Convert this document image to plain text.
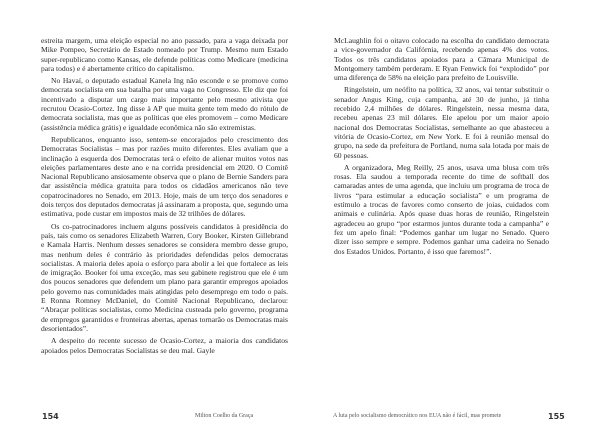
estreita margem, uma eleição especial no ano passado, para a vaga deixada por Mike Pompeo, Secretário de Estado nomeado por Trump. Mesmo num Estado super-republicano como Kansas, ele defende políticas como Medicare (medicina para todos) e é abertamente crítico do capitalismo.

No Havaí, o deputado estadual Kanela Ing não esconde e se promove como democrata socialista em sua batalha por uma vaga no Congresso. Ele diz que foi incentivado a disputar um cargo mais importante pelo mesmo ativista que recrutou Ocasio-Cortez. Ing disse à AP que muita gente tem medo do rótulo de democrata socialista, mas que as políticas que eles promovem – como Medicare (assistência médica grátis) e igualdade econômica não são extremistas.

Republicanos, enquanto isso, sentem-se encorajados pelo crescimento dos Democratas Socialistas – mas por razões muito diferentes. Eles avaliam que a inclinação à esquerda dos Democratas terá o efeito de alienar muitos votos nas eleições parlamentares deste ano e na corrida presidencial em 2020. O Comitê Nacional Republicano ansiosamente observa que o plano de Bernie Sanders para dar assistência médica gratuita para todos os cidadãos americanos não teve copatrocinadores no Senado, em 2013. Hoje, mais de um terço dos senadores e dois terços dos deputados democratas já assinaram a proposta, que, segundo uma estimativa, pode custar em impostos mais de 32 trilhões de dólares.

Os co-patrocinadores incluem alguns possíveis candidatos à presidência do país, tais como os senadores Elizabeth Warren, Cory Booker, Kirsten Gillebrand e Kamala Harris. Nenhum desses senadores se considera membro desse grupo, mas nenhum deles é contrário às prioridades defendidas pelos democratas socialistas. A maioria deles apoia o esforço para abolir a lei que fortalece as leis de imigração. Booker foi uma exceção, mas seu gabinete registrou que ele é um dos poucos senadores que defendem um plano para garantir empregos apoiados pelo governo nas comunidades mais atingidas pelo desemprego em todo o país. E Ronna Romney McDaniel, do Comitê Nacional Republicano, declarou: “Abraçar políticas socialistas, como Medicina custeada pelo governo, programa de empregos garantidos e fronteiras abertas, apenas tornarão os Democratas mais desorientados”.

A despeito do recente sucesso de Ocasio-Cortez, a maioria dos candidatos apoiados pelos Democratas Socialistas se deu mal. Gayle

154	Milton Coelho da Graça

McLaughlin foi o oitavo colocado na escolha do candidato democrata a vice-governador da Califórnia, recebendo apenas 4% dos votos. Todos os três candidatos apoiados para a Câmara Municipal de Montgomery também perderam. E Ryan Fenwick foi “explodido” por uma diferença de 58% na eleição para prefeito de Louisville.

Ringelstein, um neófito na política, 32 anos, vai tentar substituir o senador Angus King, cuja campanha, até 30 de junho, já tinha recebido 2,4 milhões de dólares. Ringelstein, nessa mesma data, recebeu apenas 23 mil dólares. Ele apelou por um maior apoio nacional dos Democratas Socialistas, semelhante ao que abasteceu a vitória de Ocasio-Cortez, em New York. E foi à reunião mensal do grupo, na sede da prefeitura de Portland, numa sala lotada por mais de 60 pessoas.

A organizadora, Meg Reilly, 25 anos, usava uma blusa com três rosas. Ela saudou a temporada recente do time de softball dos camaradas antes de uma agenda, que incluiu um programa de troca de livros “para estimular a educação socialista” e um programa de estímulo a trocas de favores como conserto de joias, cuidados com animais e culinária. Após quase duas horas de reunião, Ringelstein agradeceu ao grupo “por estarmos juntos durante toda a campanha” e fez um apelo final: “Podemos ganhar um lugar no Senado. Quero dizer isso sempre e sempre. Podemos ganhar uma cadeira no Senado dos Estados Unidos. Portanto, é isso que faremos!”.

A luta pelo socialismo democrático nos EUA não é fácil, mas promete	155
